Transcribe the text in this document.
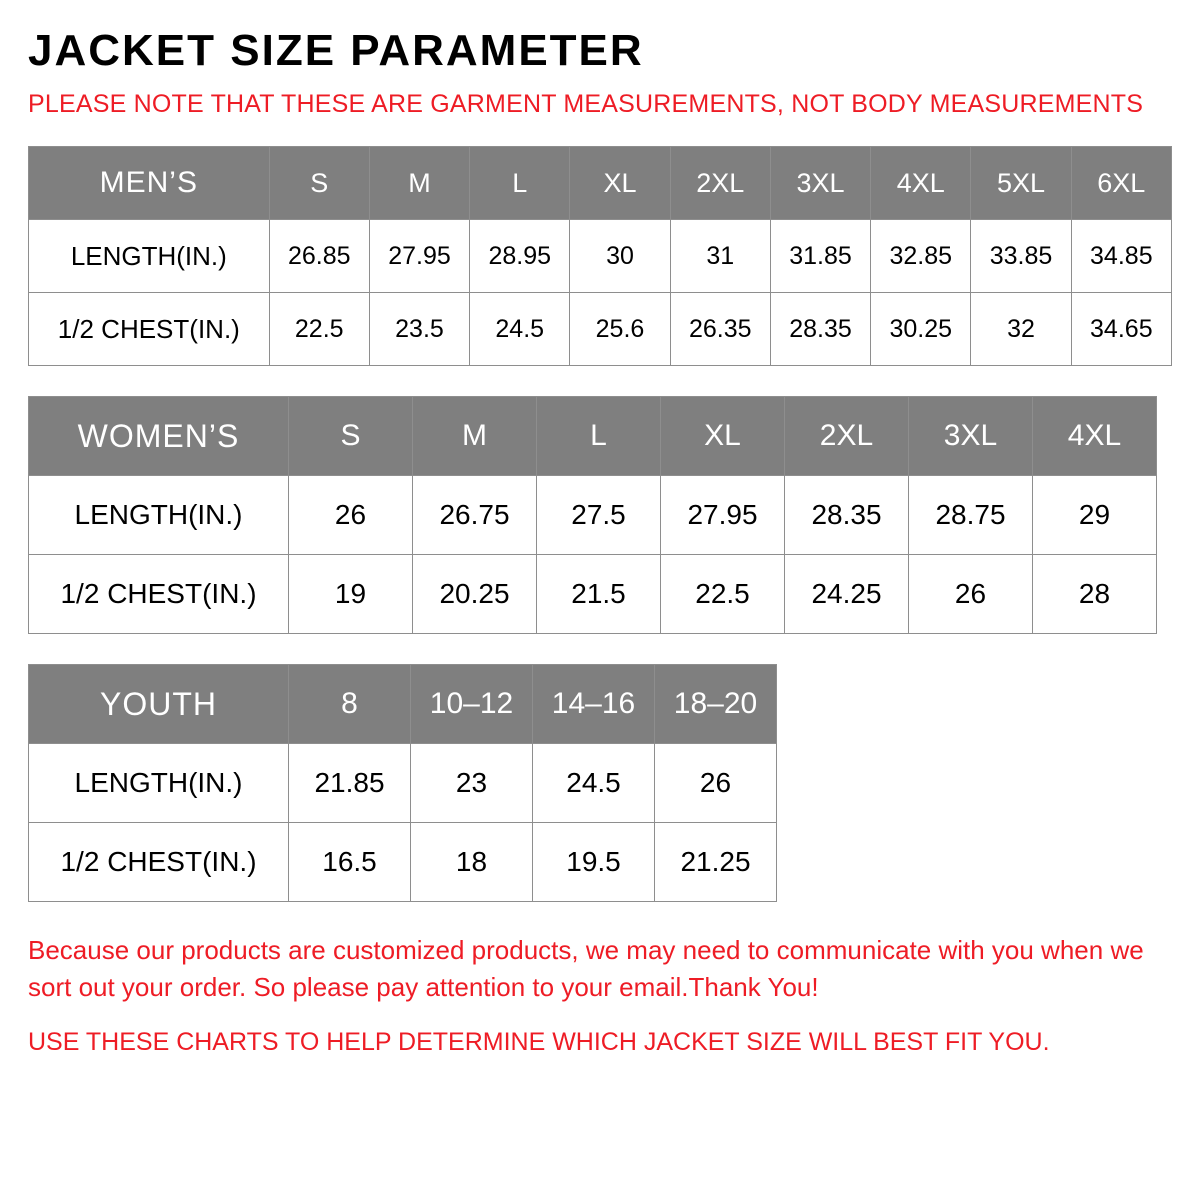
JACKET SIZE PARAMETER

PLEASE NOTE THAT THESE ARE GARMENT MEASUREMENTS, NOT BODY MEASUREMENTS

MEN’S	S	M	L	XL	2XL	3XL	4XL	5XL	6XL
LENGTH(IN.)	26.85	27.95	28.95	30	31	31.85	32.85	33.85	34.85
1/2 CHEST(IN.)	22.5	23.5	24.5	25.6	26.35	28.35	30.25	32	34.65
WOMEN’S	S	M	L	XL	2XL	3XL	4XL
LENGTH(IN.)	26	26.75	27.5	27.95	28.35	28.75	29
1/2 CHEST(IN.)	19	20.25	21.5	22.5	24.25	26	28
YOUTH	8	10–12	14–16	18–20
LENGTH(IN.)	21.85	23	24.5	26
1/2 CHEST(IN.)	16.5	18	19.5	21.25

Because our products are customized products, we may need to communicate with you when we sort out your order. So please pay attention to your email.Thank You!

USE THESE CHARTS TO HELP DETERMINE WHICH JACKET SIZE WILL BEST FIT YOU.
